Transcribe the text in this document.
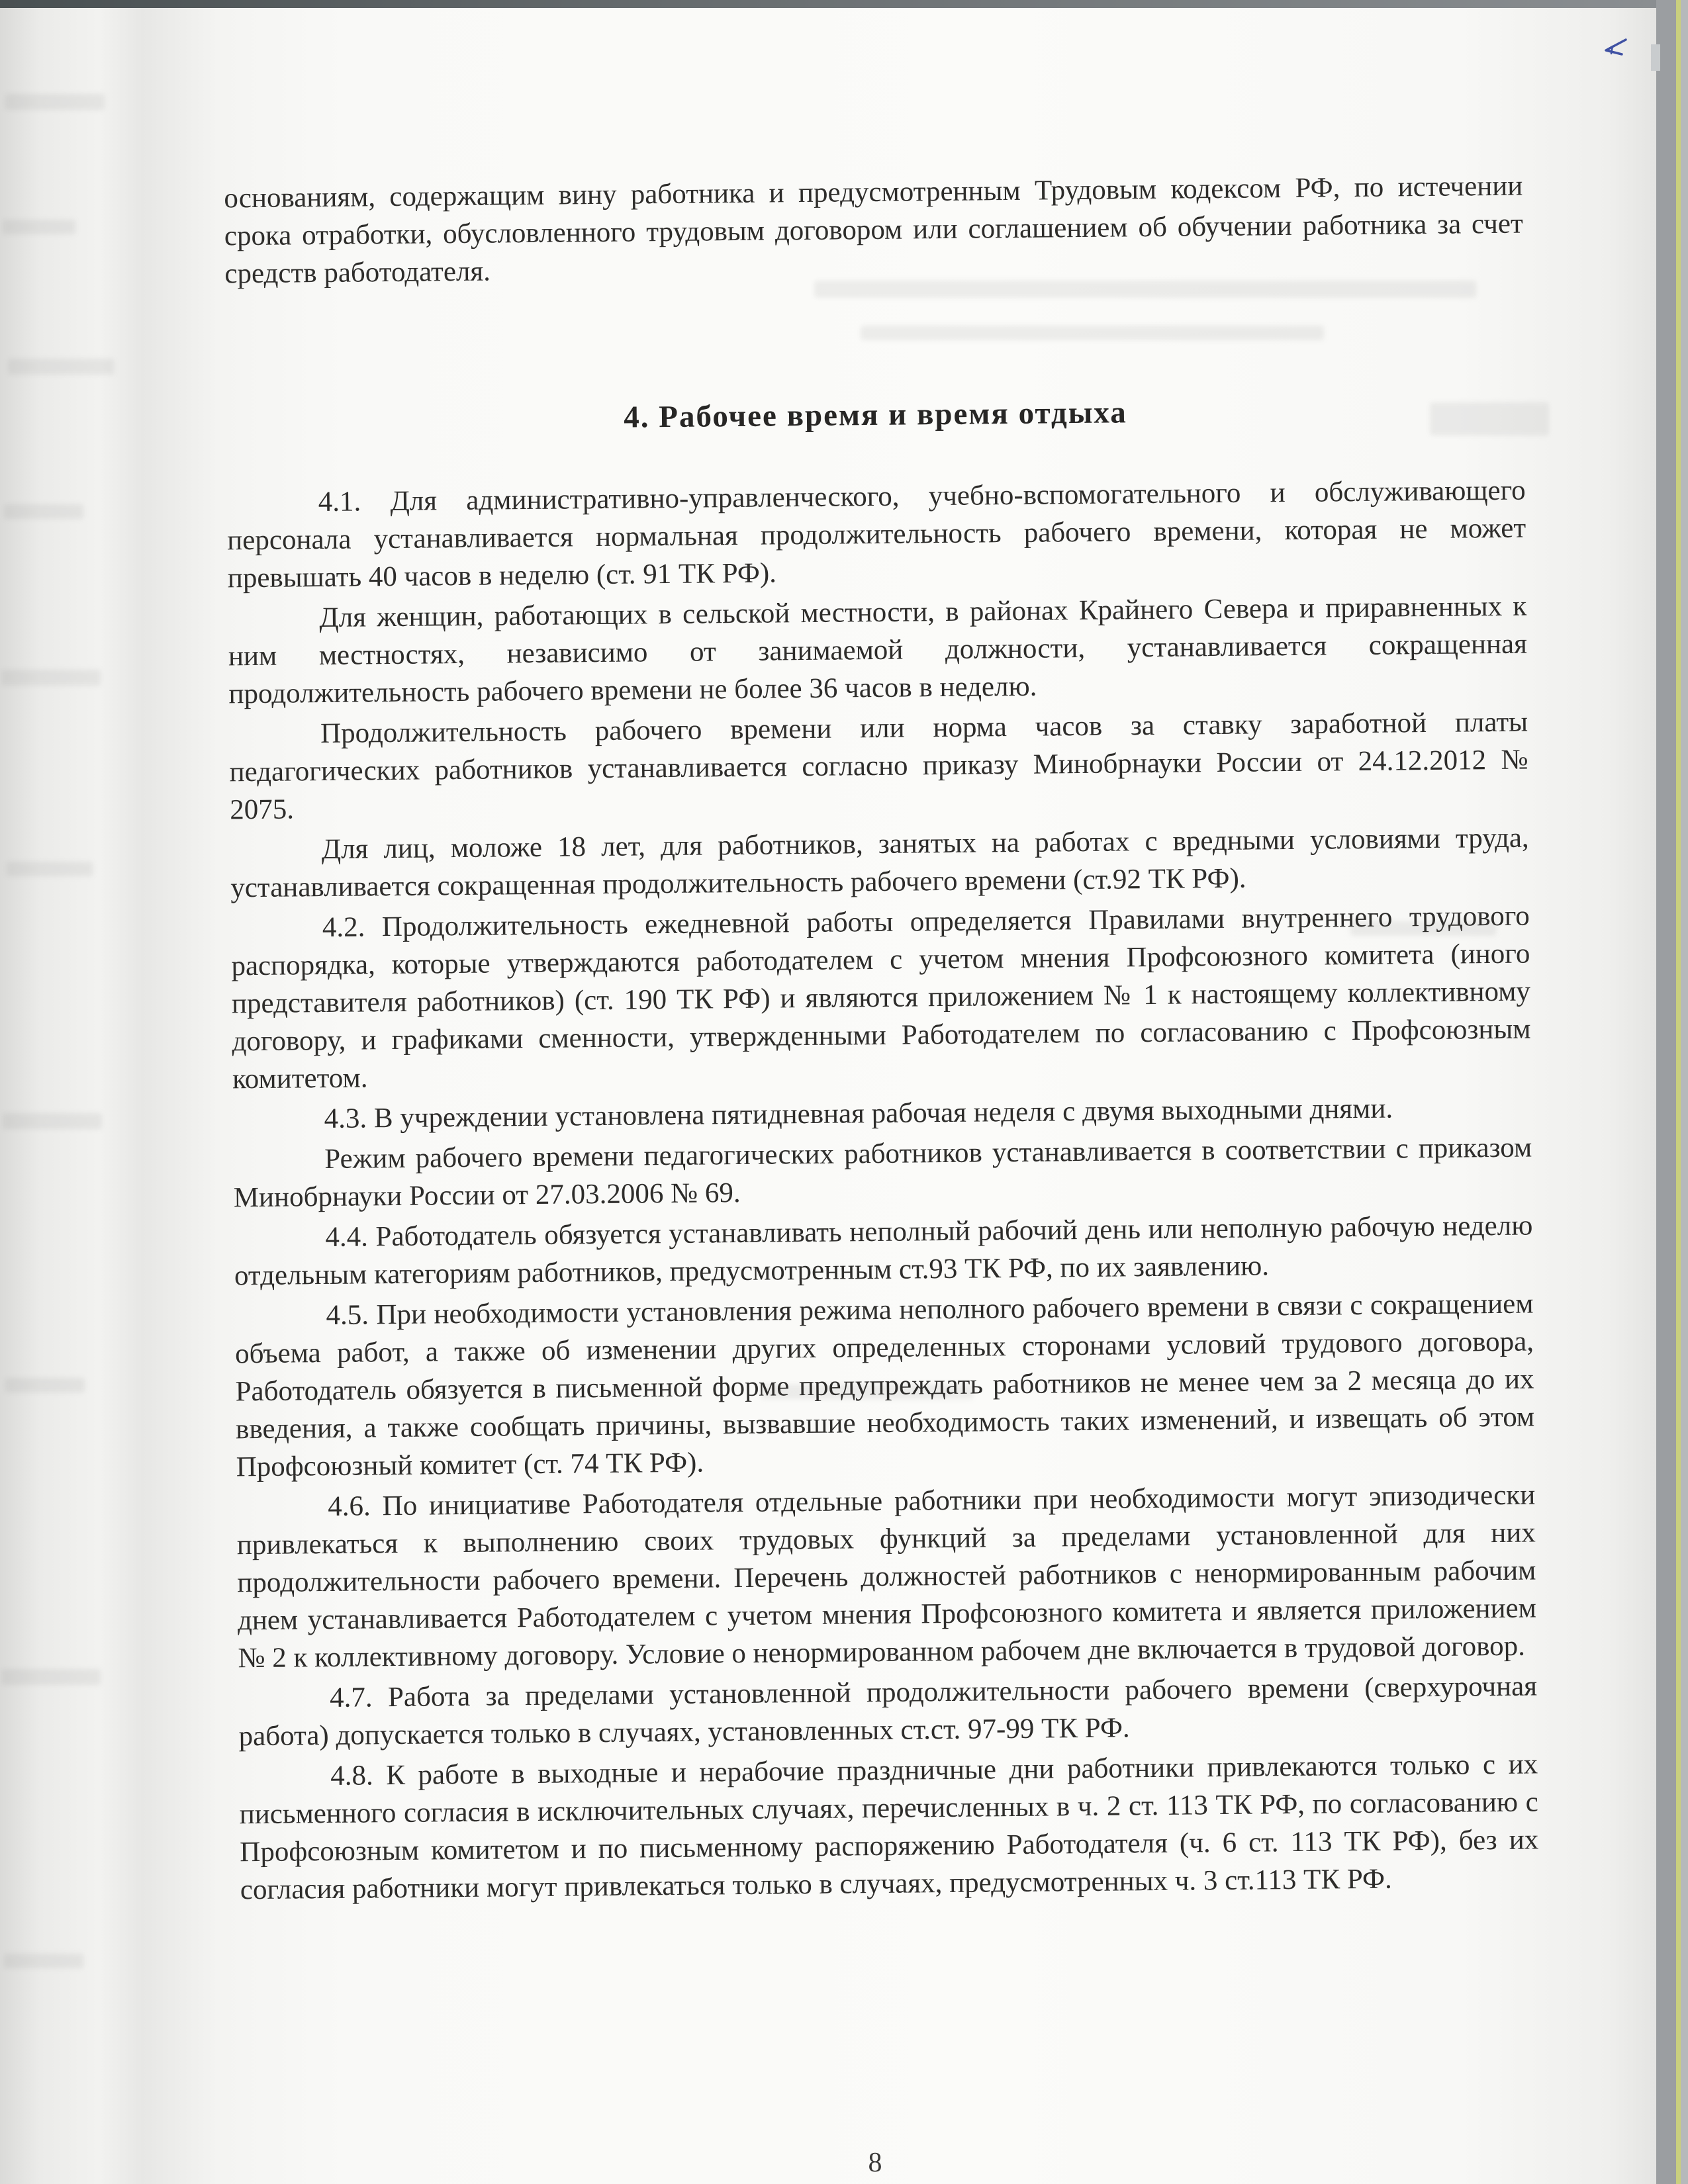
основаниям, содержащим вину работника и предусмотренным Трудовым кодексом РФ, по истечении срока отработки, обусловленного трудовым договором или соглашением об обучении работника за счет средств работодателя.

4. Рабочее время и время отдыха

4.1. Для административно-управленческого, учебно-вспомогательного и обслуживающего персонала устанавливается нормальная продолжительность рабочего времени, которая не может превышать 40 часов в неделю (ст. 91 ТК РФ).

Для женщин, работающих в сельской местности, в районах Крайнего Севера и приравненных к ним местностях, независимо от занимаемой должности, устанавливается сокращенная продолжительность рабочего времени не более 36 часов в неделю.

Продолжительность рабочего времени или норма часов за ставку заработной платы педагогических работников устанавливается согласно приказу Минобрнауки России от 24.12.2012 № 2075.

Для лиц, моложе 18 лет, для работников, занятых на работах с вредными условиями труда, устанавливается сокращенная продолжительность рабочего времени (ст.92 ТК РФ).

4.2. Продолжительность ежедневной работы определяется Правилами внутреннего трудового распорядка, которые утверждаются работодателем с учетом мнения Профсоюзного комитета (иного представителя работников) (ст. 190 ТК РФ) и являются приложением № 1 к настоящему коллективному договору, и графиками сменности, утвержденными Работодателем по согласованию с Профсоюзным комитетом.

4.3. В учреждении установлена пятидневная рабочая неделя с двумя выходными днями.

Режим рабочего времени педагогических работников устанавливается в соответствии с приказом Минобрнауки России от 27.03.2006 № 69.

4.4. Работодатель обязуется устанавливать неполный рабочий день или неполную рабочую неделю отдельным категориям работников, предусмотренным ст.93 ТК РФ, по их заявлению.

4.5. При необходимости установления режима неполного рабочего времени в связи с сокращением объема работ, а также об изменении других определенных сторонами условий трудового договора, Работодатель обязуется в письменной форме предупреждать работников не менее чем за 2 месяца до их введения, а также сообщать причины, вызвавшие необходимость таких изменений, и извещать об этом Профсоюзный комитет (ст. 74 ТК РФ).

4.6. По инициативе Работодателя отдельные работники при необходимости могут эпизодически привлекаться к выполнению своих трудовых функций за пределами установленной для них продолжительности рабочего времени. Перечень должностей работников с ненормированным рабочим днем устанавливается Работодателем с учетом мнения Профсоюзного комитета и является приложением № 2 к коллективному договору. Условие о ненормированном рабочем дне включается в трудовой договор.

4.7. Работа за пределами установленной продолжительности рабочего времени (сверхурочная работа) допускается только в случаях, установленных ст.ст. 97-99 ТК РФ.

4.8. К работе в выходные и нерабочие праздничные дни работники привлекаются только с их письменного согласия в исключительных случаях, перечисленных в ч. 2 ст. 113 ТК РФ, по согласованию с Профсоюзным комитетом и по письменному распоряжению Работодателя (ч. 6 ст. 113 ТК РФ), без их согласия работники могут привлекаться только в случаях, предусмотренных ч. 3 ст.113 ТК РФ.

8
